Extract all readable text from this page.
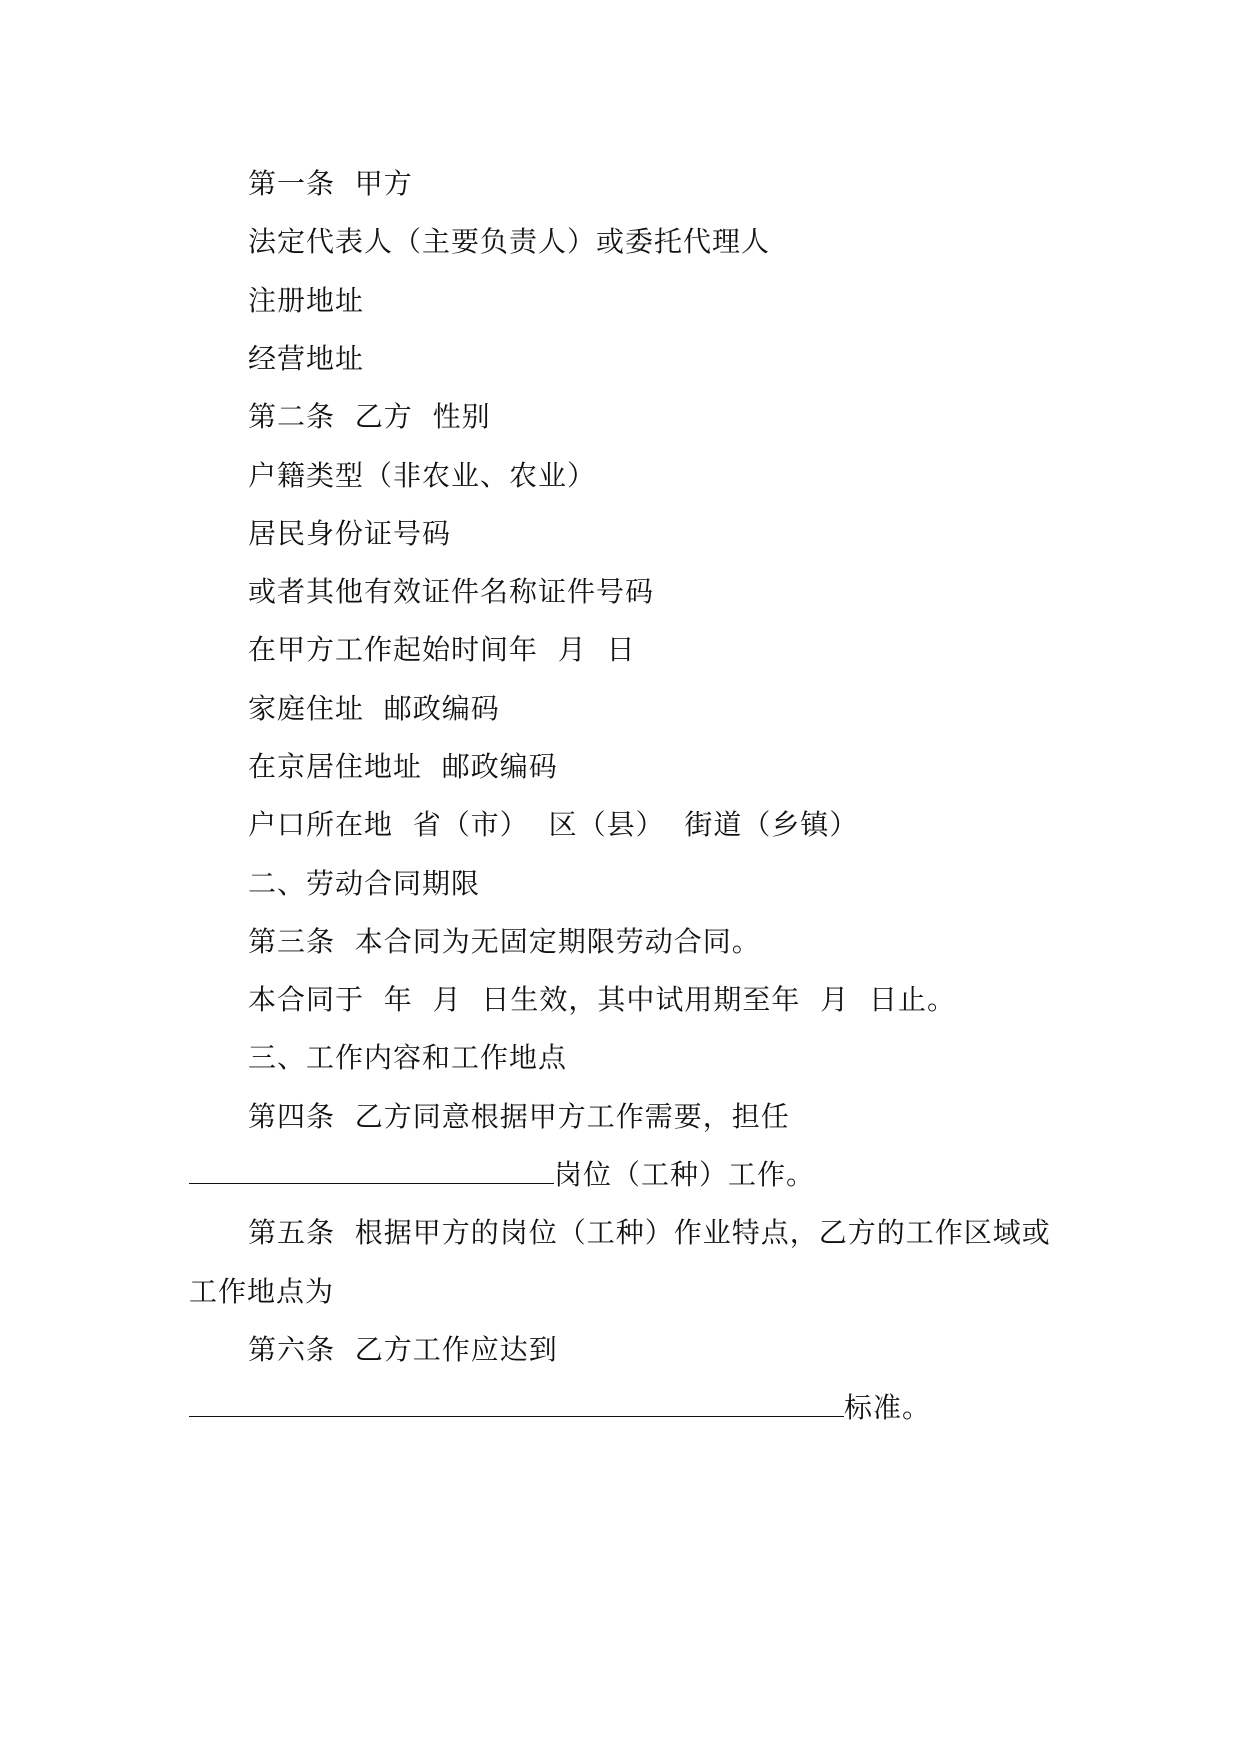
第一条  甲方
法定代表人（主要负责人）或委托代理人
注册地址
经营地址
第二条  乙方  性别
户籍类型（非农业、农业）
居民身份证号码
或者其他有效证件名称证件号码
在甲方工作起始时间年  月  日
家庭住址  邮政编码
在京居住地址  邮政编码
户口所在地  省（市）  区（县）  街道（乡镇）
二、劳动合同期限
第三条  本合同为无固定期限劳动合同。
本合同于  年  月  日生效，其中试用期至年  月  日止。
三、工作内容和工作地点
第四条  乙方同意根据甲方工作需要，担任
岗位（工种）工作。
第五条  根据甲方的岗位（工种）作业特点，乙方的工作区域或
工作地点为
第六条  乙方工作应达到
标准。
